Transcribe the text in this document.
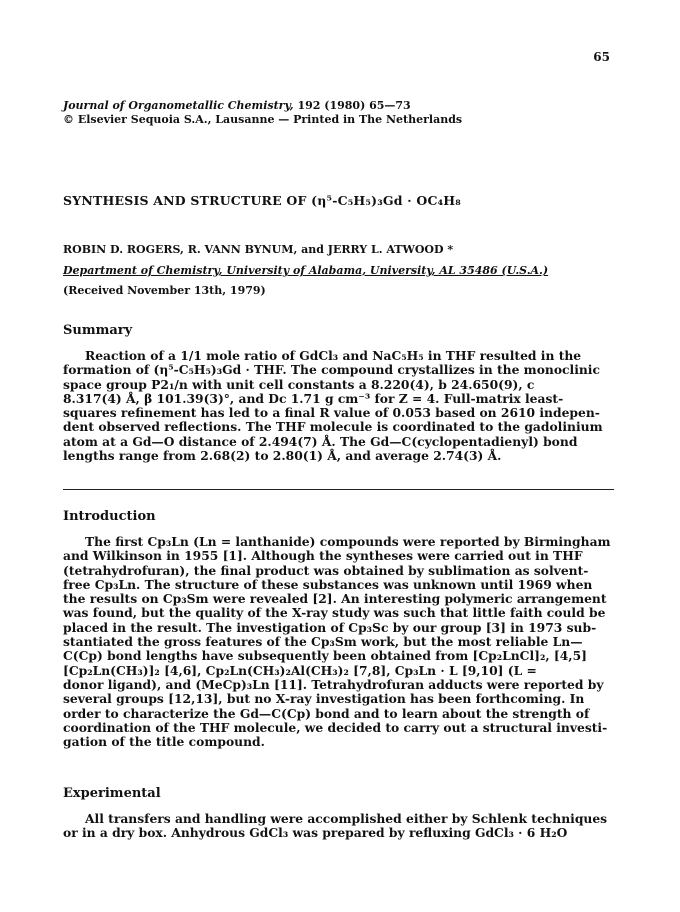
65
Journal of Organometallic Chemistry, 192 (1980) 65—73
© Elsevier Sequoia S.A., Lausanne — Printed in The Netherlands
SYNTHESIS AND STRUCTURE OF (η⁵-C₅H₅)₃Gd · OC₄H₈
ROBIN D. ROGERS, R. VANN BYNUM, and JERRY L. ATWOOD *
Department of Chemistry, University of Alabama, University, AL 35486 (U.S.A.)
(Received November 13th, 1979)
Summary
Reaction of a 1/1 mole ratio of GdCl₃ and NaC₅H₅ in THF resulted in the
formation of (η⁵-C₅H₅)₃Gd · THF. The compound crystallizes in the monoclinic
space group P2₁/n with unit cell constants a 8.220(4), b 24.650(9), c
8.317(4) Å, β 101.39(3)°, and Dc 1.71 g cm⁻³ for Z = 4. Full-matrix least-
squares refinement has led to a final R value of 0.053 based on 2610 indepen-
dent observed reflections. The THF molecule is coordinated to the gadolinium
atom at a Gd—O distance of 2.494(7) Å. The Gd—C(cyclopentadienyl) bond
lengths range from 2.68(2) to 2.80(1) Å, and average 2.74(3) Å.
Introduction
The first Cp₃Ln (Ln = lanthanide) compounds were reported by Birmingham
and Wilkinson in 1955 [1]. Although the syntheses were carried out in THF
(tetrahydrofuran), the final product was obtained by sublimation as solvent-
free Cp₃Ln. The structure of these substances was unknown until 1969 when
the results on Cp₃Sm were revealed [2]. An interesting polymeric arrangement
was found, but the quality of the X-ray study was such that little faith could be
placed in the result. The investigation of Cp₃Sc by our group [3] in 1973 sub-
stantiated the gross features of the Cp₃Sm work, but the most reliable Ln—
C(Cp) bond lengths have subsequently been obtained from [Cp₂LnCl]₂, [4,5]
[Cp₂Ln(CH₃)]₂ [4,6], Cp₂Ln(CH₃)₂Al(CH₃)₂ [7,8], Cp₃Ln · L [9,10] (L =
donor ligand), and (MeCp)₃Ln [11]. Tetrahydrofuran adducts were reported by
several groups [12,13], but no X-ray investigation has been forthcoming. In
order to characterize the Gd—C(Cp) bond and to learn about the strength of
coordination of the THF molecule, we decided to carry out a structural investi-
gation of the title compound.
Experimental
All transfers and handling were accomplished either by Schlenk techniques
or in a dry box. Anhydrous GdCl₃ was prepared by refluxing GdCl₃ · 6 H₂O
